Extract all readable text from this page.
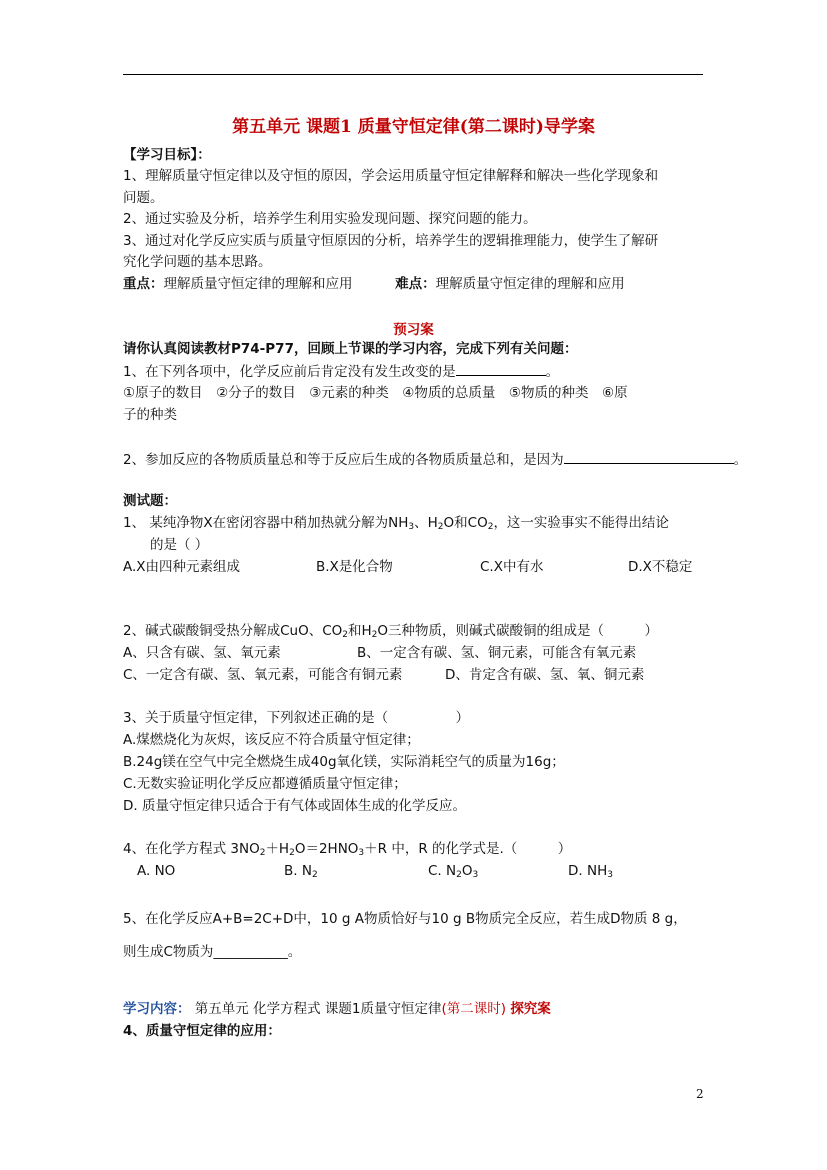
第五单元 课题1 质量守恒定律(第二课时)导学案
【学习目标】：
1、理解质量守恒定律以及守恒的原因，学会运用质量守恒定律解释和解决一些化学现象和
问题。
2、通过实验及分析，培养学生利用实验发现问题、探究问题的能力。
3、通过对化学反应实质与质量守恒原因的分析，培养学生的逻辑推理能力，使学生了解研
究化学问题的基本思路。
重点：理解质量守恒定律的理解和应用	难点：理解质量守恒定律的理解和应用
预习案
请你认真阅读教材P74-P77，回顾上节课的学习内容，完成下列有关问题：
1、在下列各项中，化学反应前后肯定没有发生改变的是	。
①原子的数目　②分子的数目　③元素的种类　④物质的总质量　⑤物质的种类　⑥原
子的种类
2、参加反应的各物质质量总和等于反应后生成的各物质质量总和，是因为	。
测试题：
1、 某纯净物X在密闭容器中稍加热就分解为$NH_3$、$H_2O$和$CO_2$，这一实验事实不能得出结论
的是（ ）
A.X由四种元素组成	B.X是化合物	C.X中有水	D.X不稳定
2、碱式碳酸铜受热分解成CuO、$CO_2$和$H_2O$三种物质，则碱式碳酸铜的组成是（　　　）
A、只含有碳、氢、氧元素	B、一定含有碳、氢、铜元素，可能含有氧元素
C、一定含有碳、氢、氧元素，可能含有铜元素	D、肯定含有碳、氢、氧、铜元素
3、关于质量守恒定律，下列叙述正确的是（　　　　　）
A.煤燃烧化为灰烬，该反应不符合质量守恒定律；
B.24g镁在空气中完全燃烧生成40g氧化镁，实际消耗空气的质量为16g；
C.无数实验证明化学反应都遵循质量守恒定律；
D. 质量守恒定律只适合于有气体或固体生成的化学反应。
4、在化学方程式 $3NO_2+H_2O=2HNO_3+R$ 中，R 的化学式是.（　　　）
A. NO	B. $N_2$	C. $N_2O_3$	D. $NH_3$
5、在化学反应A+B=2C+D中，10 g A物质恰好与10 g B物质完全反应，若生成D物质 8 g，
则生成C物质为___________。
学习内容： 第五单元 化学方程式 课题1质量守恒定律(第二课时) 探究案
4、质量守恒定律的应用：
2
